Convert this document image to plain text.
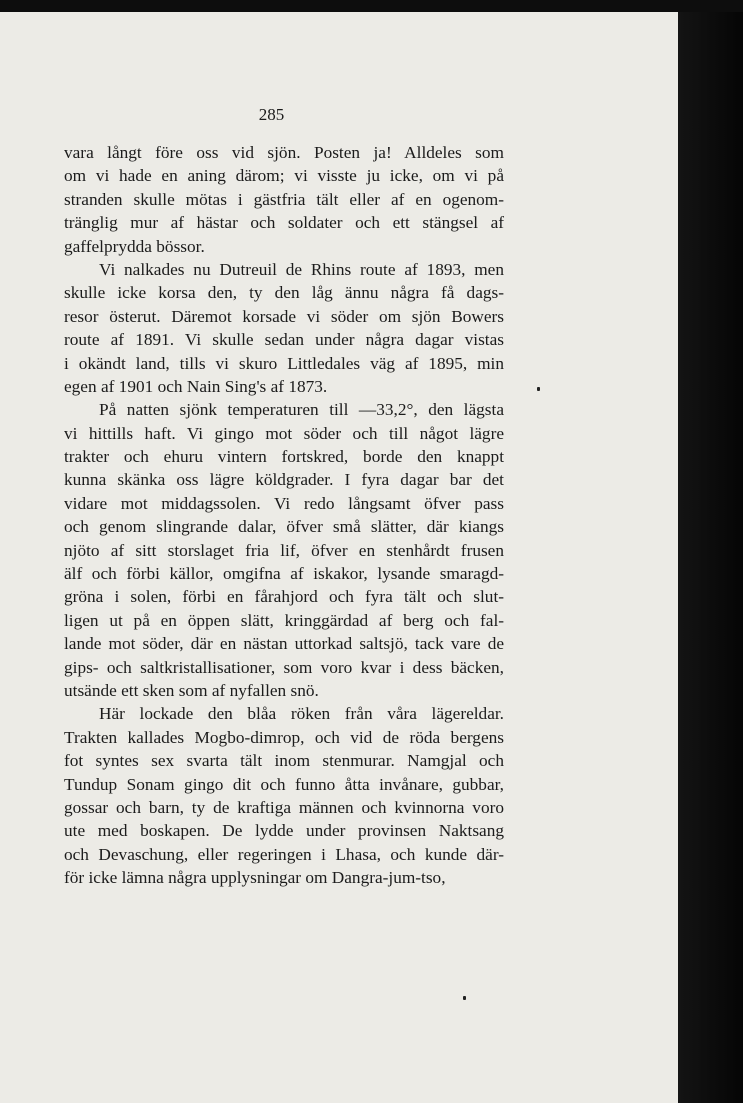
285
vara långt före oss vid sjön. Posten ja! Alldeles som
om vi hade en aning därom; vi visste ju icke, om vi på
stranden skulle mötas i gästfria tält eller af en ogenom-
tränglig mur af hästar och soldater och ett stängsel af
gaffelprydda bössor.
Vi nalkades nu Dutreuil de Rhins route af 1893, men
skulle icke korsa den, ty den låg ännu några få dags-
resor österut. Däremot korsade vi söder om sjön Bowers
route af 1891. Vi skulle sedan under några dagar vistas
i okändt land, tills vi skuro Littledales väg af 1895, min
egen af 1901 och Nain Sing's af 1873.
På natten sjönk temperaturen till —33,2°, den lägsta
vi hittills haft. Vi gingo mot söder och till något lägre
trakter och ehuru vintern fortskred, borde den knappt
kunna skänka oss lägre köldgrader. I fyra dagar bar det
vidare mot middagssolen. Vi redo långsamt öfver pass
och genom slingrande dalar, öfver små slätter, där kiangs
njöto af sitt storslaget fria lif, öfver en stenhårdt frusen
älf och förbi källor, omgifna af iskakor, lysande smaragd-
gröna i solen, förbi en fårahjord och fyra tält och slut-
ligen ut på en öppen slätt, kringgärdad af berg och fal-
lande mot söder, där en nästan uttorkad saltsjö, tack vare de
gips- och saltkristallisationer, som voro kvar i dess bäcken,
utsände ett sken som af nyfallen snö.
Här lockade den blåa röken från våra lägereldar.
Trakten kallades Mogbo-dimrop, och vid de röda bergens
fot syntes sex svarta tält inom stenmurar. Namgjal och
Tundup Sonam gingo dit och funno åtta invånare, gubbar,
gossar och barn, ty de kraftiga männen och kvinnorna voro
ute med boskapen. De lydde under provinsen Naktsang
och Devaschung, eller regeringen i Lhasa, och kunde där-
för icke lämna några upplysningar om Dangra-jum-tso,
